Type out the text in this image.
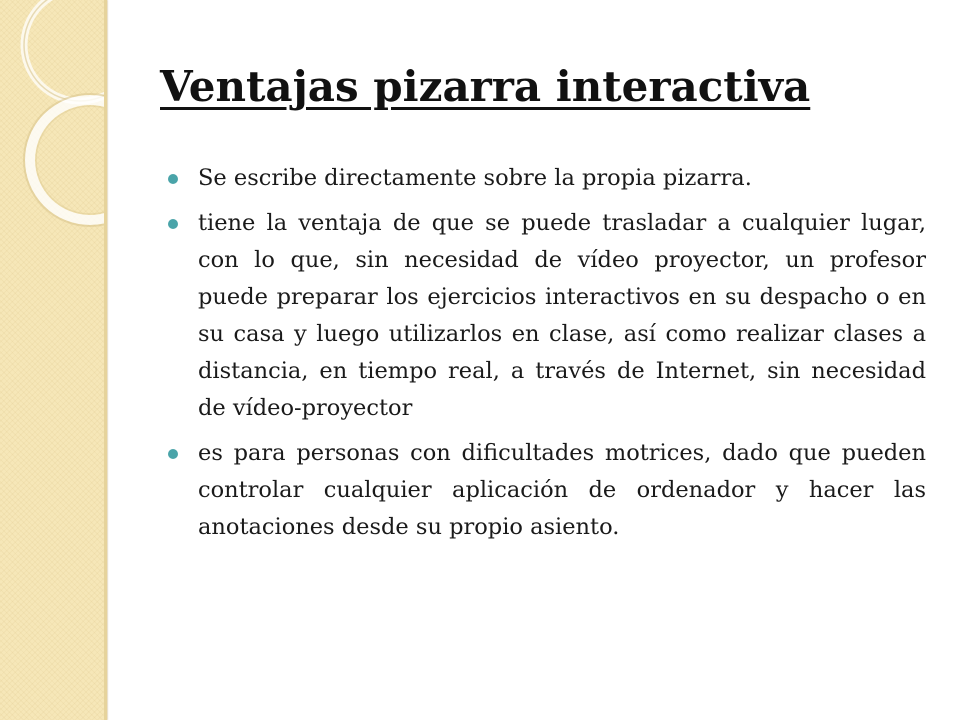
Ventajas pizarra interactiva
Se escribe directamente sobre la propia pizarra.
tiene la ventaja de que se puede trasladar a cualquier lugar, con lo que, sin necesidad de vídeo proyector, un profesor puede preparar los ejercicios interactivos en su despacho o en su casa y luego utilizarlos en clase, así como realizar clases a distancia, en tiempo real, a través de Internet, sin necesidad de vídeo-proyector
es para personas con dificultades motrices, dado que pueden controlar cualquier aplicación de ordenador y hacer las anotaciones desde su propio asiento.
